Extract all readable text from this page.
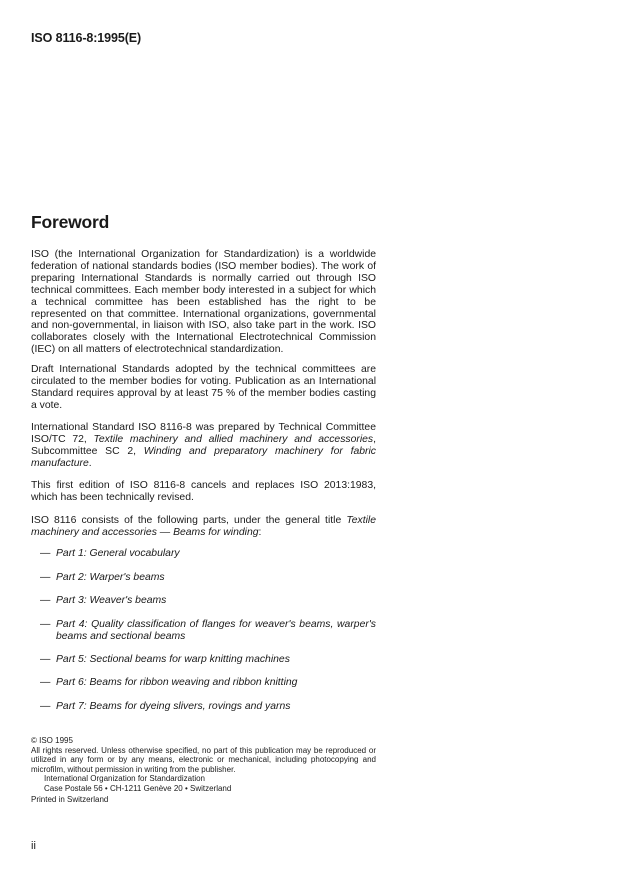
ISO 8116-8:1995(E)
Foreword
ISO (the International Organization for Standardization) is a worldwide federation of national standards bodies (ISO member bodies). The work of preparing International Standards is normally carried out through ISO technical committees. Each member body interested in a subject for which a technical committee has been established has the right to be represented on that committee. International organizations, governmental and non-governmental, in liaison with ISO, also take part in the work. ISO collaborates closely with the International Electrotechnical Commission (IEC) on all matters of electrotechnical standardization.
Draft International Standards adopted by the technical committees are circulated to the member bodies for voting. Publication as an International Standard requires approval by at least 75 % of the member bodies casting a vote.
International Standard ISO 8116-8 was prepared by Technical Committee ISO/TC 72, Textile machinery and allied machinery and accessories, Subcommittee SC 2, Winding and preparatory machinery for fabric manufacture.
This first edition of ISO 8116-8 cancels and replaces ISO 2013:1983, which has been technically revised.
ISO 8116 consists of the following parts, under the general title Textile machinery and accessories — Beams for winding:
— Part 1: General vocabulary
— Part 2: Warper's beams
— Part 3: Weaver's beams
— Part 4: Quality classification of flanges for weaver's beams, warper's beams and sectional beams
— Part 5: Sectional beams for warp knitting machines
— Part 6: Beams for ribbon weaving and ribbon knitting
— Part 7: Beams for dyeing slivers, rovings and yarns
© ISO 1995
All rights reserved. Unless otherwise specified, no part of this publication may be reproduced or utilized in any form or by any means, electronic or mechanical, including photocopying and microfilm, without permission in writing from the publisher.
International Organization for Standardization
Case Postale 56 • CH-1211 Genève 20 • Switzerland
Printed in Switzerland
ii
